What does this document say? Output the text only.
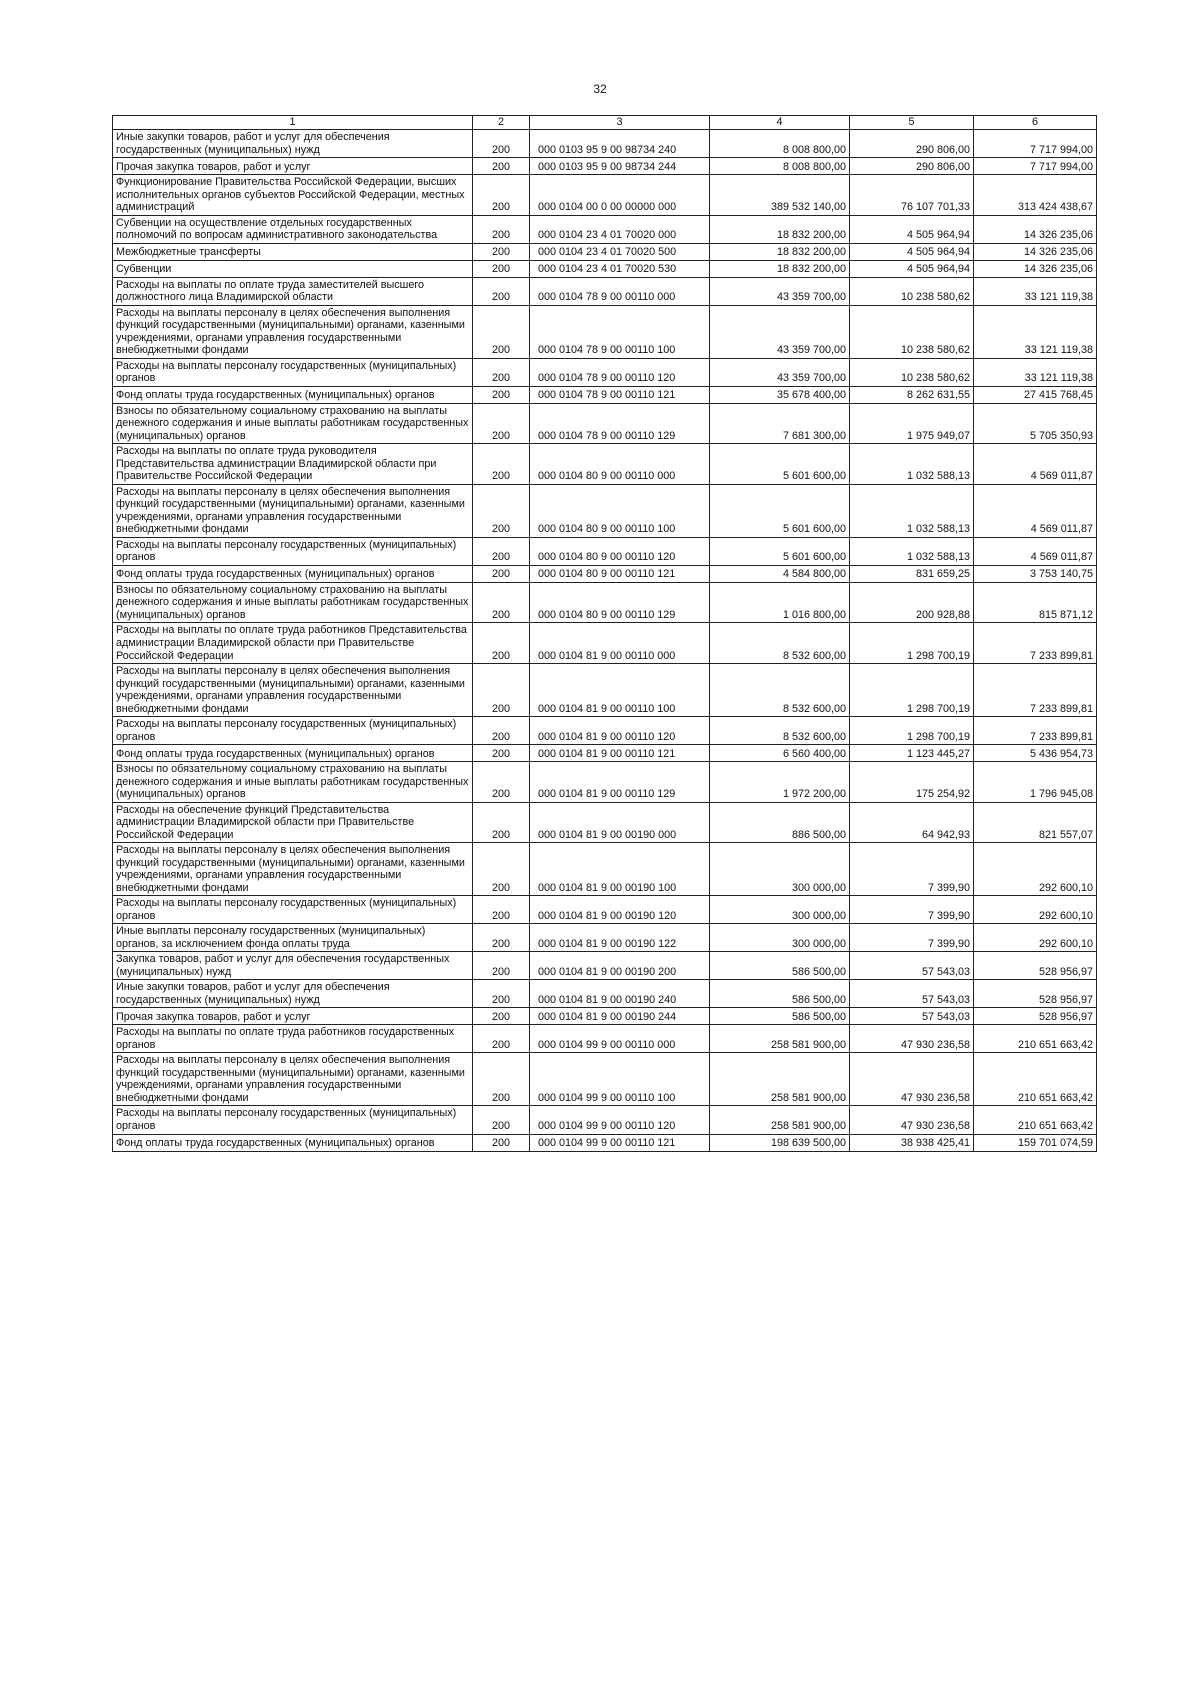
32
1	2	3	4	5	6
Иные закупки товаров, работ и услуг для обеспечения государственных (муниципальных) нужд	200	000 0103 95 9 00 98734 240	8 008 800,00	290 806,00	7 717 994,00
Прочая закупка товаров, работ и услуг	200	000 0103 95 9 00 98734 244	8 008 800,00	290 806,00	7 717 994,00
Функционирование Правительства Российской Федерации, высших исполнительных органов субъектов Российской Федерации, местных администраций	200	000 0104 00 0 00 00000 000	389 532 140,00	76 107 701,33	313 424 438,67
Субвенции на осуществление отдельных государственных полномочий по вопросам административного законодательства	200	000 0104 23 4 01 70020 000	18 832 200,00	4 505 964,94	14 326 235,06
Межбюджетные трансферты	200	000 0104 23 4 01 70020 500	18 832 200,00	4 505 964,94	14 326 235,06
Субвенции	200	000 0104 23 4 01 70020 530	18 832 200,00	4 505 964,94	14 326 235,06
Расходы на выплаты по оплате труда заместителей высшего должностного лица Владимирской области	200	000 0104 78 9 00 00110 000	43 359 700,00	10 238 580,62	33 121 119,38
Расходы на выплаты персоналу в целях обеспечения выполнения функций государственными (муниципальными) органами, казенными учреждениями, органами управления государственными внебюджетными фондами	200	000 0104 78 9 00 00110 100	43 359 700,00	10 238 580,62	33 121 119,38
Расходы на выплаты персоналу государственных (муниципальных) органов	200	000 0104 78 9 00 00110 120	43 359 700,00	10 238 580,62	33 121 119,38
Фонд оплаты труда государственных (муниципальных) органов	200	000 0104 78 9 00 00110 121	35 678 400,00	8 262 631,55	27 415 768,45
Взносы по обязательному социальному страхованию на выплаты денежного содержания и иные выплаты работникам государственных (муниципальных) органов	200	000 0104 78 9 00 00110 129	7 681 300,00	1 975 949,07	5 705 350,93
Расходы на выплаты по оплате труда руководителя Представительства администрации Владимирской области при Правительстве Российской Федерации	200	000 0104 80 9 00 00110 000	5 601 600,00	1 032 588,13	4 569 011,87
Расходы на выплаты персоналу в целях обеспечения выполнения функций государственными (муниципальными) органами, казенными учреждениями, органами управления государственными внебюджетными фондами	200	000 0104 80 9 00 00110 100	5 601 600,00	1 032 588,13	4 569 011,87
Расходы на выплаты персоналу государственных (муниципальных) органов	200	000 0104 80 9 00 00110 120	5 601 600,00	1 032 588,13	4 569 011,87
Фонд оплаты труда государственных (муниципальных) органов	200	000 0104 80 9 00 00110 121	4 584 800,00	831 659,25	3 753 140,75
Взносы по обязательному социальному страхованию на выплаты денежного содержания и иные выплаты работникам государственных (муниципальных) органов	200	000 0104 80 9 00 00110 129	1 016 800,00	200 928,88	815 871,12
Расходы на выплаты по оплате труда работников Представительства администрации Владимирской области при Правительстве Российской Федерации	200	000 0104 81 9 00 00110 000	8 532 600,00	1 298 700,19	7 233 899,81
Расходы на выплаты персоналу в целях обеспечения выполнения функций государственными (муниципальными) органами, казенными учреждениями, органами управления государственными внебюджетными фондами	200	000 0104 81 9 00 00110 100	8 532 600,00	1 298 700,19	7 233 899,81
Расходы на выплаты персоналу государственных (муниципальных) органов	200	000 0104 81 9 00 00110 120	8 532 600,00	1 298 700,19	7 233 899,81
Фонд оплаты труда государственных (муниципальных) органов	200	000 0104 81 9 00 00110 121	6 560 400,00	1 123 445,27	5 436 954,73
Взносы по обязательному социальному страхованию на выплаты денежного содержания и иные выплаты работникам государственных (муниципальных) органов	200	000 0104 81 9 00 00110 129	1 972 200,00	175 254,92	1 796 945,08
Расходы на обеспечение функций Представительства администрации Владимирской области при Правительстве Российской Федерации	200	000 0104 81 9 00 00190 000	886 500,00	64 942,93	821 557,07
Расходы на выплаты персоналу в целях обеспечения выполнения функций государственными (муниципальными) органами, казенными учреждениями, органами управления государственными внебюджетными фондами	200	000 0104 81 9 00 00190 100	300 000,00	7 399,90	292 600,10
Расходы на выплаты персоналу государственных (муниципальных) органов	200	000 0104 81 9 00 00190 120	300 000,00	7 399,90	292 600,10
Иные выплаты персоналу государственных (муниципальных) органов, за исключением фонда оплаты труда	200	000 0104 81 9 00 00190 122	300 000,00	7 399,90	292 600,10
Закупка товаров, работ и услуг для обеспечения государственных (муниципальных) нужд	200	000 0104 81 9 00 00190 200	586 500,00	57 543,03	528 956,97
Иные закупки товаров, работ и услуг для обеспечения государственных (муниципальных) нужд	200	000 0104 81 9 00 00190 240	586 500,00	57 543,03	528 956,97
Прочая закупка товаров, работ и услуг	200	000 0104 81 9 00 00190 244	586 500,00	57 543,03	528 956,97
Расходы на выплаты по оплате труда работников государственных органов	200	000 0104 99 9 00 00110 000	258 581 900,00	47 930 236,58	210 651 663,42
Расходы на выплаты персоналу в целях обеспечения выполнения функций государственными (муниципальными) органами, казенными учреждениями, органами управления государственными внебюджетными фондами	200	000 0104 99 9 00 00110 100	258 581 900,00	47 930 236,58	210 651 663,42
Расходы на выплаты персоналу государственных (муниципальных) органов	200	000 0104 99 9 00 00110 120	258 581 900,00	47 930 236,58	210 651 663,42
Фонд оплаты труда государственных (муниципальных) органов	200	000 0104 99 9 00 00110 121	198 639 500,00	38 938 425,41	159 701 074,59
